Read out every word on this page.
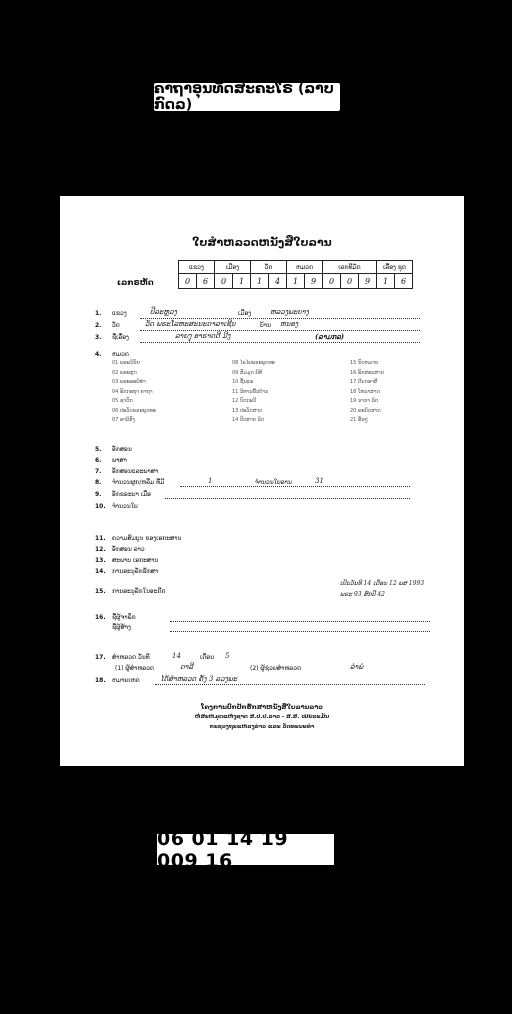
ຄາຖາອຸນທັດສະຄະໂຣ (ລາບກົດລ)
ໃບສຳຫລວດຫນັງສືໃບລານ
ເລກຣຫັດ
ແຂວງ		ເມືອງ		ວັດ		ຫມວດ		ເລກທີມັດ			ເລື່ອງ ຊຸດ	
0	6	0	1	1	4	1	9	0	0	9	1	6
1. ແຂວງ	ປີລະຫຼວງ	ເມືອງ	ຫລວງພະບາງ
2. ວັດ	ວັດ ພຣະໂລຫະສະນະດາລາເຊີນ	ບ້ານ ຫນອງ
3. ຊື່ເລື່ອງ	ລາຍງຸ ອາຣາດດີ ມີງ	(ລາມກລ)
4. ຫມວດ
01 ພຣະວິນັຍ
02 ພຣະສູດ
03 ພຣະອະພິທຳ
04 ອັກກະຖາ ຄາຖາ
05 ຊາດົກ
06 ປະວັດພຣະພຸດທະ
07 ອານິສົງ
08 ໄຂໄພພຣະພຸດທະ
09 ສົມມຸດ ພິທີ
10 ຊັ້ນແອ
11 ນິທານພື້ນບ້ານ
12 ບົດກະວີ
13 ປະວັດສາດ
14 ປຶດສາຍ ລິດ
15 ກົດຫມາຍ
16 ອັກສອນສາດ
17 ດີນດອາສີ
18 ໂຫລາສາດ
19 ນາກາ ລິດ
20 ຄະນິດສາດ
21 ອື່ນໆ
5. ອັກສອນ
6. ພາສາ
7. ອັກສອນແລະພາສາ
8. ຈຳນວນຜູກ/ຫລືມ ທີ່ມີ	1	ຈຳນວນໃບລານ	31
9. ອັກຂຣະບາ ເມື່ອ
10. ຈຳນວນໃບ
11. ຄວາມສົມບູນ ຂອງເອກະສານ
12. ອັກສອນ ລາວ
13. ສະພາບ ເອກະສານ
14. ການອະນຸລັກຮັກສາ
15. ການອະນຸລັກໃນອະດີດ
ເປັນວັນທີ 14 ເດືອນ 12 ພສ 1993
ພຣະ 93 ສົກປີ 42
16. ຊື່ຜູ້ຈາຣຶກ
ຊື່ຜູ້ສ້າງ
17. ສຳຫລວດ ວັນທີ	14	ເດືອນ 5
(1) ຜູ້ສຳຫລວດ	ດາລີ	(2) ຜູ້ຊ່ວຍສຳຫລວດ	ລຳພໍ
18. ຫມາຍເຫດ	ໄດ້ສຳຫລວດ ຄັ້ງ 3 ລວງພະ
ໂຄງການປົກປັກຮັກສາຫນັງສືໃບລານລາວ
ຫໍສະຫມຸດແຫ່ງຊາດ ສ.ປ.ປ.ລາວ - ສ.ສ. ເຢຍລະມັນ
ກະຊວງຖະແຫລງຂ່າວ ແລະ ວັດທະນະທຳ
06 01 14 19 009 16
